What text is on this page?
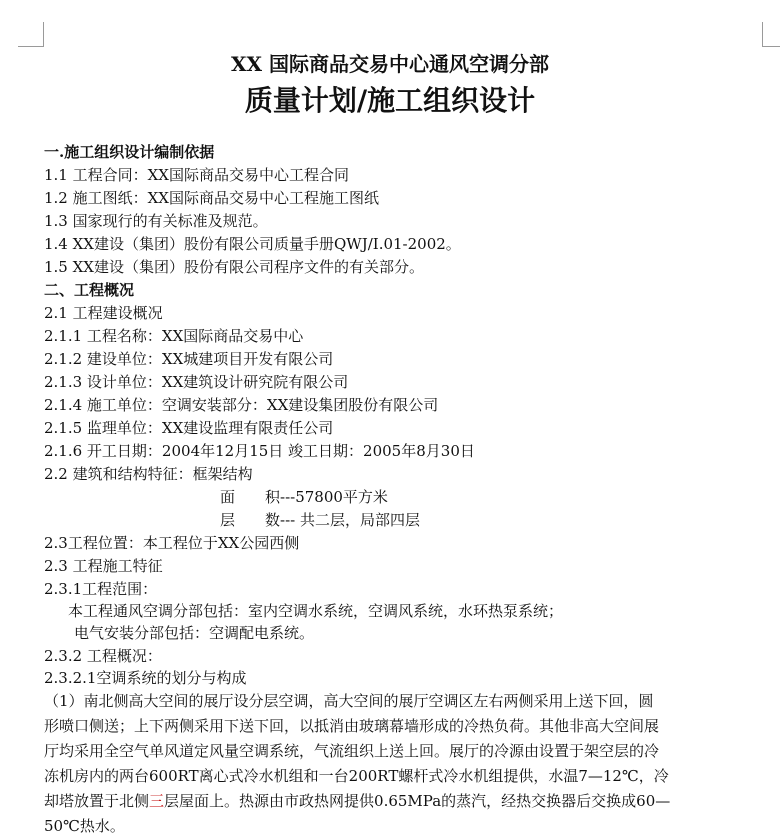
XX 国际商品交易中心通风空调分部
质量计划/施工组织设计
一.施工组织设计编制依据
1.1 工程合同：XX国际商品交易中心工程合同
1.2 施工图纸：XX国际商品交易中心工程施工图纸
1.3 国家现行的有关标准及规范。
1.4 XX建设（集团）股份有限公司质量手册QWJ/I.01-2002。
1.5 XX建设（集团）股份有限公司程序文件的有关部分。
二、工程概况
2.1 工程建设概况
2.1.1 工程名称：XX国际商品交易中心
2.1.2 建设单位：XX城建项目开发有限公司
2.1.3 设计单位：XX建筑设计研究院有限公司
2.1.4 施工单位：空调安装部分：XX建设集团股份有限公司
2.1.5 监理单位：XX建设监理有限责任公司
2.1.6 开工日期：2004年12月15日 竣工日期：2005年8月30日
2.2 建筑和结构特征：框架结构
面　　积---57800平方米
层　　数--- 共二层，局部四层
2.3工程位置：本工程位于XX公园西侧
2.3 工程施工特征
2.3.1工程范围：
本工程通风空调分部包括：室内空调水系统，空调风系统，水环热泵系统；
电气安装分部包括：空调配电系统。
2.3.2 工程概况：
2.3.2.1空调系统的划分与构成
（1）南北侧高大空间的展厅设分层空调，高大空间的展厅空调区左右两侧采用上送下回，圆
形喷口侧送；上下两侧采用下送下回，以抵消由玻璃幕墙形成的冷热负荷。其他非高大空间展
厅均采用全空气单风道定风量空调系统，气流组织上送上回。展厅的冷源由设置于架空层的冷
冻机房内的两台600RT离心式冷水机组和一台200RT螺杆式冷水机组提供，水温7—12℃，冷
却塔放置于北侧三层屋面上。热源由市政热网提供0.65MPa的蒸汽，经热交换器后交换成60—
50℃热水。
